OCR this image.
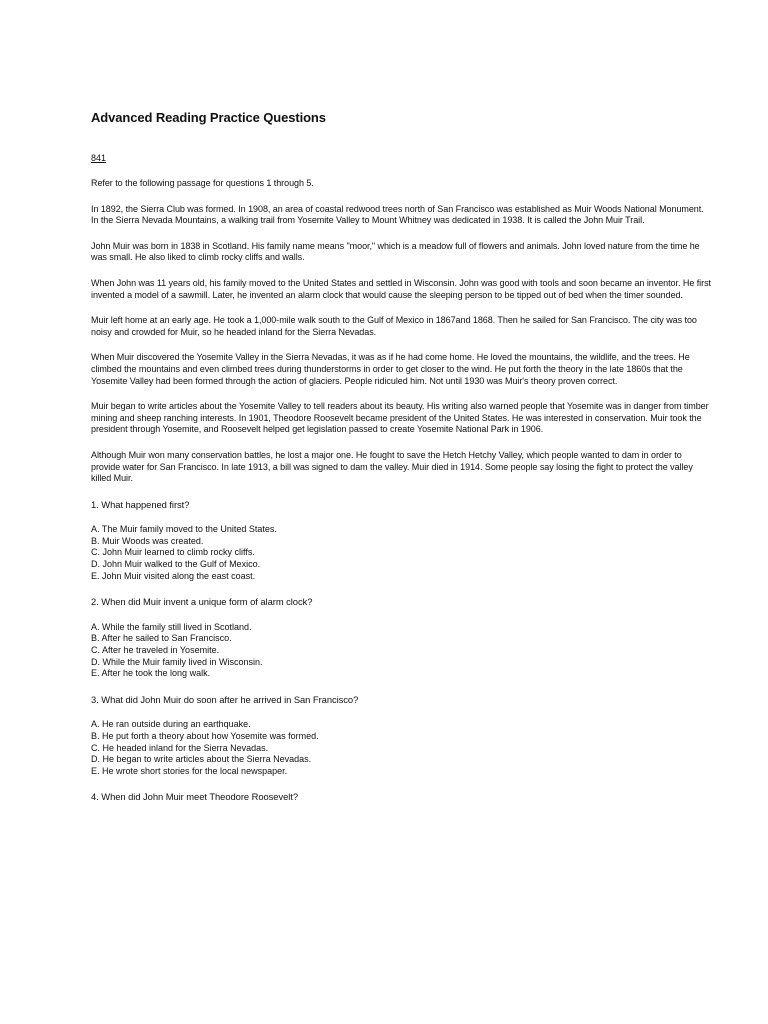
Advanced Reading Practice Questions
841

Refer to the following passage for questions 1 through 5.

In 1892, the Sierra Club was formed. In 1908, an area of coastal redwood trees north of San Francisco was established as Muir Woods National Monument. In the Sierra Nevada Mountains, a walking trail from Yosemite Valley to Mount Whitney was dedicated in 1938. It is called the John Muir Trail.

John Muir was born in 1838 in Scotland. His family name means "moor," which is a meadow full of flowers and animals. John loved nature from the time he was small. He also liked to climb rocky cliffs and walls.

When John was 11 years old, his family moved to the United States and settled in Wisconsin. John was good with tools and soon became an inventor. He first invented a model of a sawmill. Later, he invented an alarm clock that would cause the sleeping person to be tipped out of bed when the timer sounded.

Muir left home at an early age. He took a 1,000-mile walk south to the Gulf of Mexico in 1867and 1868. Then he sailed for San Francisco. The city was too noisy and crowded for Muir, so he headed inland for the Sierra Nevadas.

When Muir discovered the Yosemite Valley in the Sierra Nevadas, it was as if he had come home. He loved the mountains, the wildlife, and the trees. He climbed the mountains and even climbed trees during thunderstorms in order to get closer to the wind. He put forth the theory in the late 1860s that the Yosemite Valley had been formed through the action of glaciers. People ridiculed him. Not until 1930 was Muir's theory proven correct.

Muir began to write articles about the Yosemite Valley to tell readers about its beauty. His writing also warned people that Yosemite was in danger from timber mining and sheep ranching interests. In 1901, Theodore Roosevelt became president of the United States. He was interested in conservation. Muir took the president through Yosemite, and Roosevelt helped get legislation passed to create Yosemite National Park in 1906.

Although Muir won many conservation battles, he lost a major one. He fought to save the Hetch Hetchy Valley, which people wanted to dam in order to provide water for San Francisco. In late 1913, a bill was signed to dam the valley. Muir died in 1914. Some people say losing the fight to protect the valley killed Muir.

1. What happened first?

A. The Muir family moved to the United States.
B. Muir Woods was created.
C. John Muir learned to climb rocky cliffs.
D. John Muir walked to the Gulf of Mexico.
E. John Muir visited along the east coast.

2. When did Muir invent a unique form of alarm clock?

A. While the family still lived in Scotland.
B. After he sailed to San Francisco.
C. After he traveled in Yosemite.
D. While the Muir family lived in Wisconsin.
E. After he took the long walk.

3. What did John Muir do soon after he arrived in San Francisco?

A. He ran outside during an earthquake.
B. He put forth a theory about how Yosemite was formed.
C. He headed inland for the Sierra Nevadas.
D. He began to write articles about the Sierra Nevadas.
E. He wrote short stories for the local newspaper.

4. When did John Muir meet Theodore Roosevelt?
